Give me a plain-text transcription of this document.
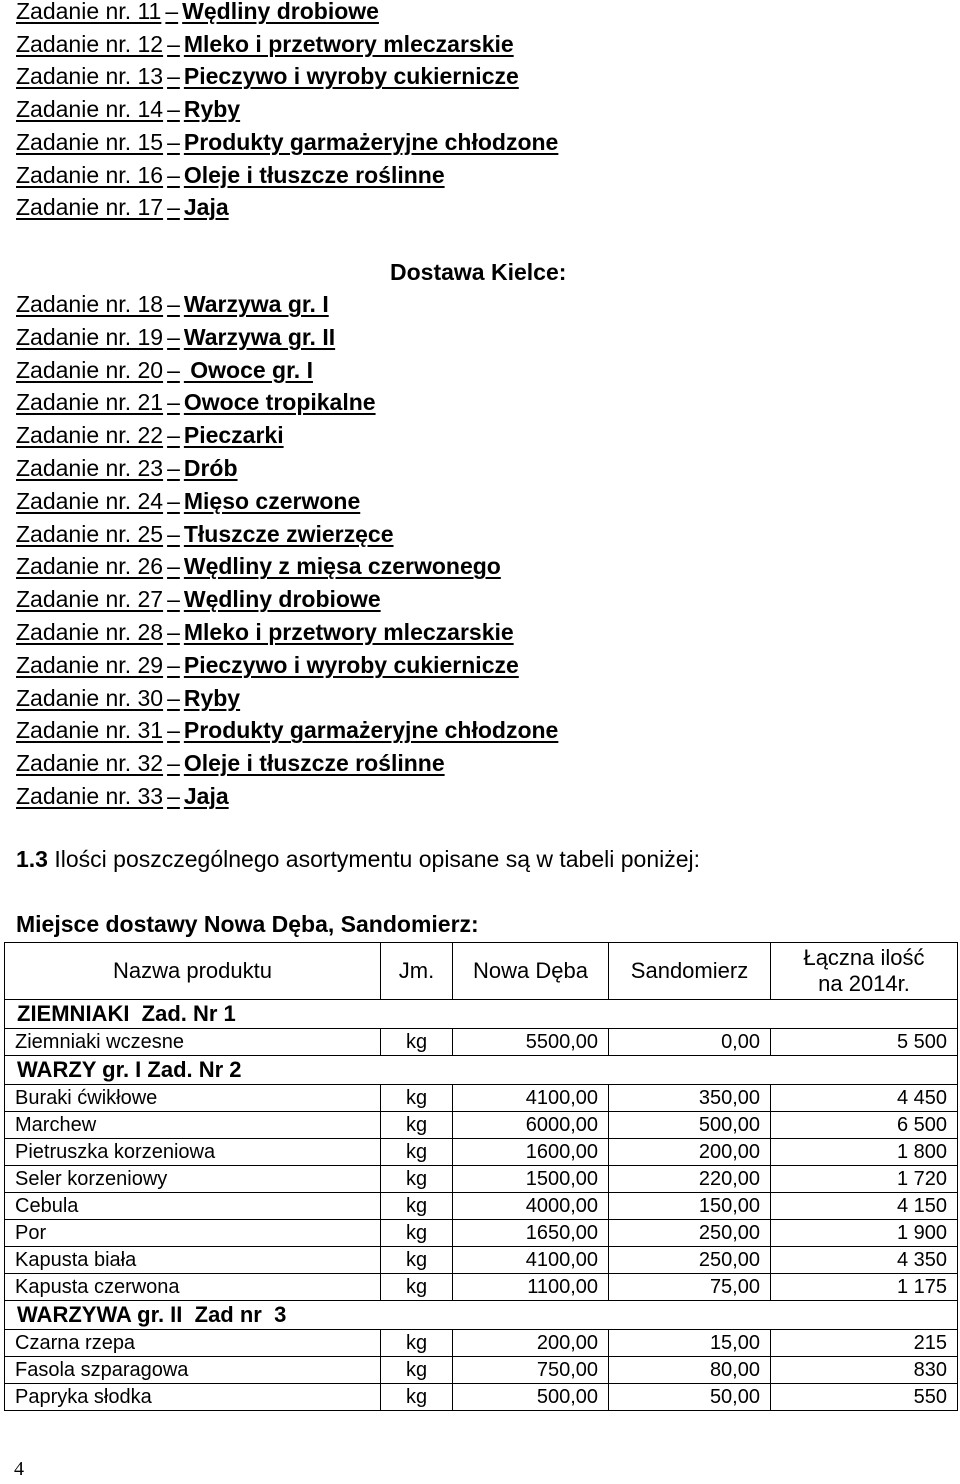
Zadanie nr. 11 – Wędliny drobiowe
Zadanie nr. 12 – Mleko i przetwory mleczarskie
Zadanie nr. 13 – Pieczywo i wyroby cukiernicze
Zadanie nr. 14 – Ryby
Zadanie nr. 15 – Produkty garmażeryjne chłodzone
Zadanie nr. 16 – Oleje i tłuszcze roślinne
Zadanie nr. 17 – Jaja
Dostawa Kielce:
Zadanie nr. 18 – Warzywa gr. I
Zadanie nr. 19 – Warzywa gr. II
Zadanie nr. 20 – Owoce gr. I
Zadanie nr. 21 – Owoce tropikalne
Zadanie nr. 22 – Pieczarki
Zadanie nr. 23 – Drób
Zadanie nr. 24 – Mięso czerwone
Zadanie nr. 25 – Tłuszcze zwierzęce
Zadanie nr. 26 – Wędliny z mięsa czerwonego
Zadanie nr. 27 – Wędliny drobiowe
Zadanie nr. 28 – Mleko i przetwory mleczarskie
Zadanie nr. 29 – Pieczywo i wyroby cukiernicze
Zadanie nr. 30 – Ryby
Zadanie nr. 31 – Produkty garmażeryjne chłodzone
Zadanie nr. 32 – Oleje i tłuszcze roślinne
Zadanie nr. 33 – Jaja
1.3 Ilości poszczególnego asortymentu opisane są w tabeli poniżej:
Miejsce dostawy Nowa Dęba, Sandomierz:
Nazwa produktu	Jm.	Nowa Dęba	Sandomierz	Łączna ilość
na 2014r.
ZIEMNIAKI  Zad. Nr 1				
Ziemniaki wczesne	kg	5500,00	0,00	5 500
WARZY gr. I Zad. Nr 2				
Buraki ćwikłowe	kg	4100,00	350,00	4 450
Marchew	kg	6000,00	500,00	6 500
Pietruszka korzeniowa	kg	1600,00	200,00	1 800
Seler korzeniowy	kg	1500,00	220,00	1 720
Cebula	kg	4000,00	150,00	4 150
Por	kg	1650,00	250,00	1 900
Kapusta biała	kg	4100,00	250,00	4 350
Kapusta czerwona	kg	1100,00	75,00	1 175
WARZYWA gr. II  Zad nr  3				
Czarna rzepa	kg	200,00	15,00	215
Fasola szparagowa	kg	750,00	80,00	830
Papryka słodka	kg	500,00	50,00	550
4
